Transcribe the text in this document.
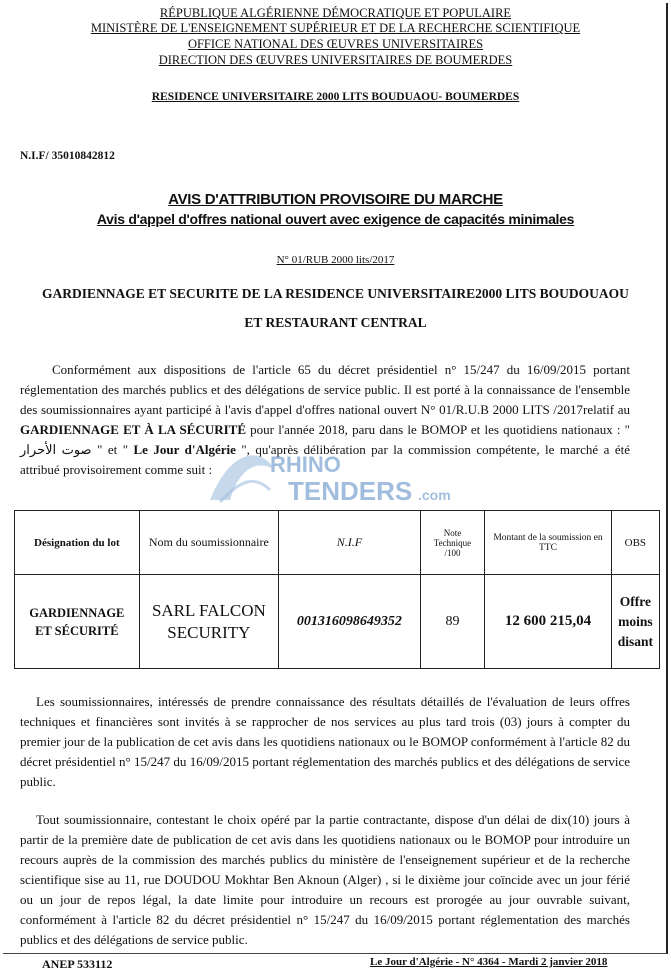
RÉPUBLIQUE ALGÉRIENNE DÉMOCRATIQUE ET POPULAIRE
MINISTÈRE DE L'ENSEIGNEMENT SUPÉRIEUR ET DE LA RECHERCHE SCIENTIFIQUE
OFFICE NATIONAL DES ŒUVRES UNIVERSITAIRES
DIRECTION DES ŒUVRES UNIVERSITAIRES DE BOUMERDES
RESIDENCE UNIVERSITAIRE 2000 LITS BOUDUAOU- BOUMERDES
N.I.F/ 35010842812
AVIS D'ATTRIBUTION PROVISOIRE DU MARCHE
Avis d'appel d'offres national ouvert avec exigence de capacités minimales
N° 01/RUB 2000 lits/2017
GARDIENNAGE ET SECURITE DE LA RESIDENCE UNIVERSITAIRE2000 LITS BOUDOUAOU
ET RESTAURANT CENTRAL
Conformément aux dispositions de l'article 65 du décret présidentiel n° 15/247 du 16/09/2015 portant réglementation des marchés publics et des délégations de service public. Il est porté à la connaissance de l'ensemble des soumissionnaires ayant participé à l'avis d'appel d'offres national ouvert N° 01/R.U.B 2000 LITS /2017relatif au GARDIENNAGE ET À LA SÉCURITÉ pour l'année 2018, paru dans le BOMOP et les quotidiens nationaux : " صوت الأحرار " et " Le Jour d'Algérie ", qu'après délibération par la commission compétente, le marché a été attribué provisoirement comme suit :	RHINO
TENDERS .com
Désignation du lot	Nom du soumissionnaire	N.I.F	Note Technique /100	Montant de la soumission en TTC	OBS
GARDIENNAGE ET SÉCURITÉ	SARL FALCON SECURITY	001316098649352	89	12 600 215,04	Offre moins disant
Les soumissionnaires, intéressés de prendre connaissance des résultats détaillés de l'évaluation de leurs offres techniques et financières sont invités à se rapprocher de nos services au plus tard trois (03) jours à compter du premier jour de la publication de cet avis dans les quotidiens nationaux ou le BOMOP conformément à l'article 82 du décret présidentiel n° 15/247 du 16/09/2015 portant réglementation des marchés publics et des délégations de service public.
Tout soumissionnaire, contestant le choix opéré par la partie contractante, dispose d'un délai de dix(10) jours à partir de la première date de publication de cet avis dans les quotidiens nationaux ou le BOMOP pour introduire un recours auprès de la commission des marchés publics du ministère de l'enseignement supérieur et de la recherche scientifique sise au 11, rue DOUDOU Mokhtar Ben Aknoun (Alger) , si le dixième jour coïncide avec un jour férié ou un jour de repos légal, la date limite pour introduire un recours est prorogée au jour ouvrable suivant, conformément à l'article 82 du décret présidentiel n° 15/247 du 16/09/2015 portant réglementation des marchés publics et des délégations de service public.
ANEP 533112	Le Jour d'Algérie - N° 4364 - Mardi 2 janvier 2018
